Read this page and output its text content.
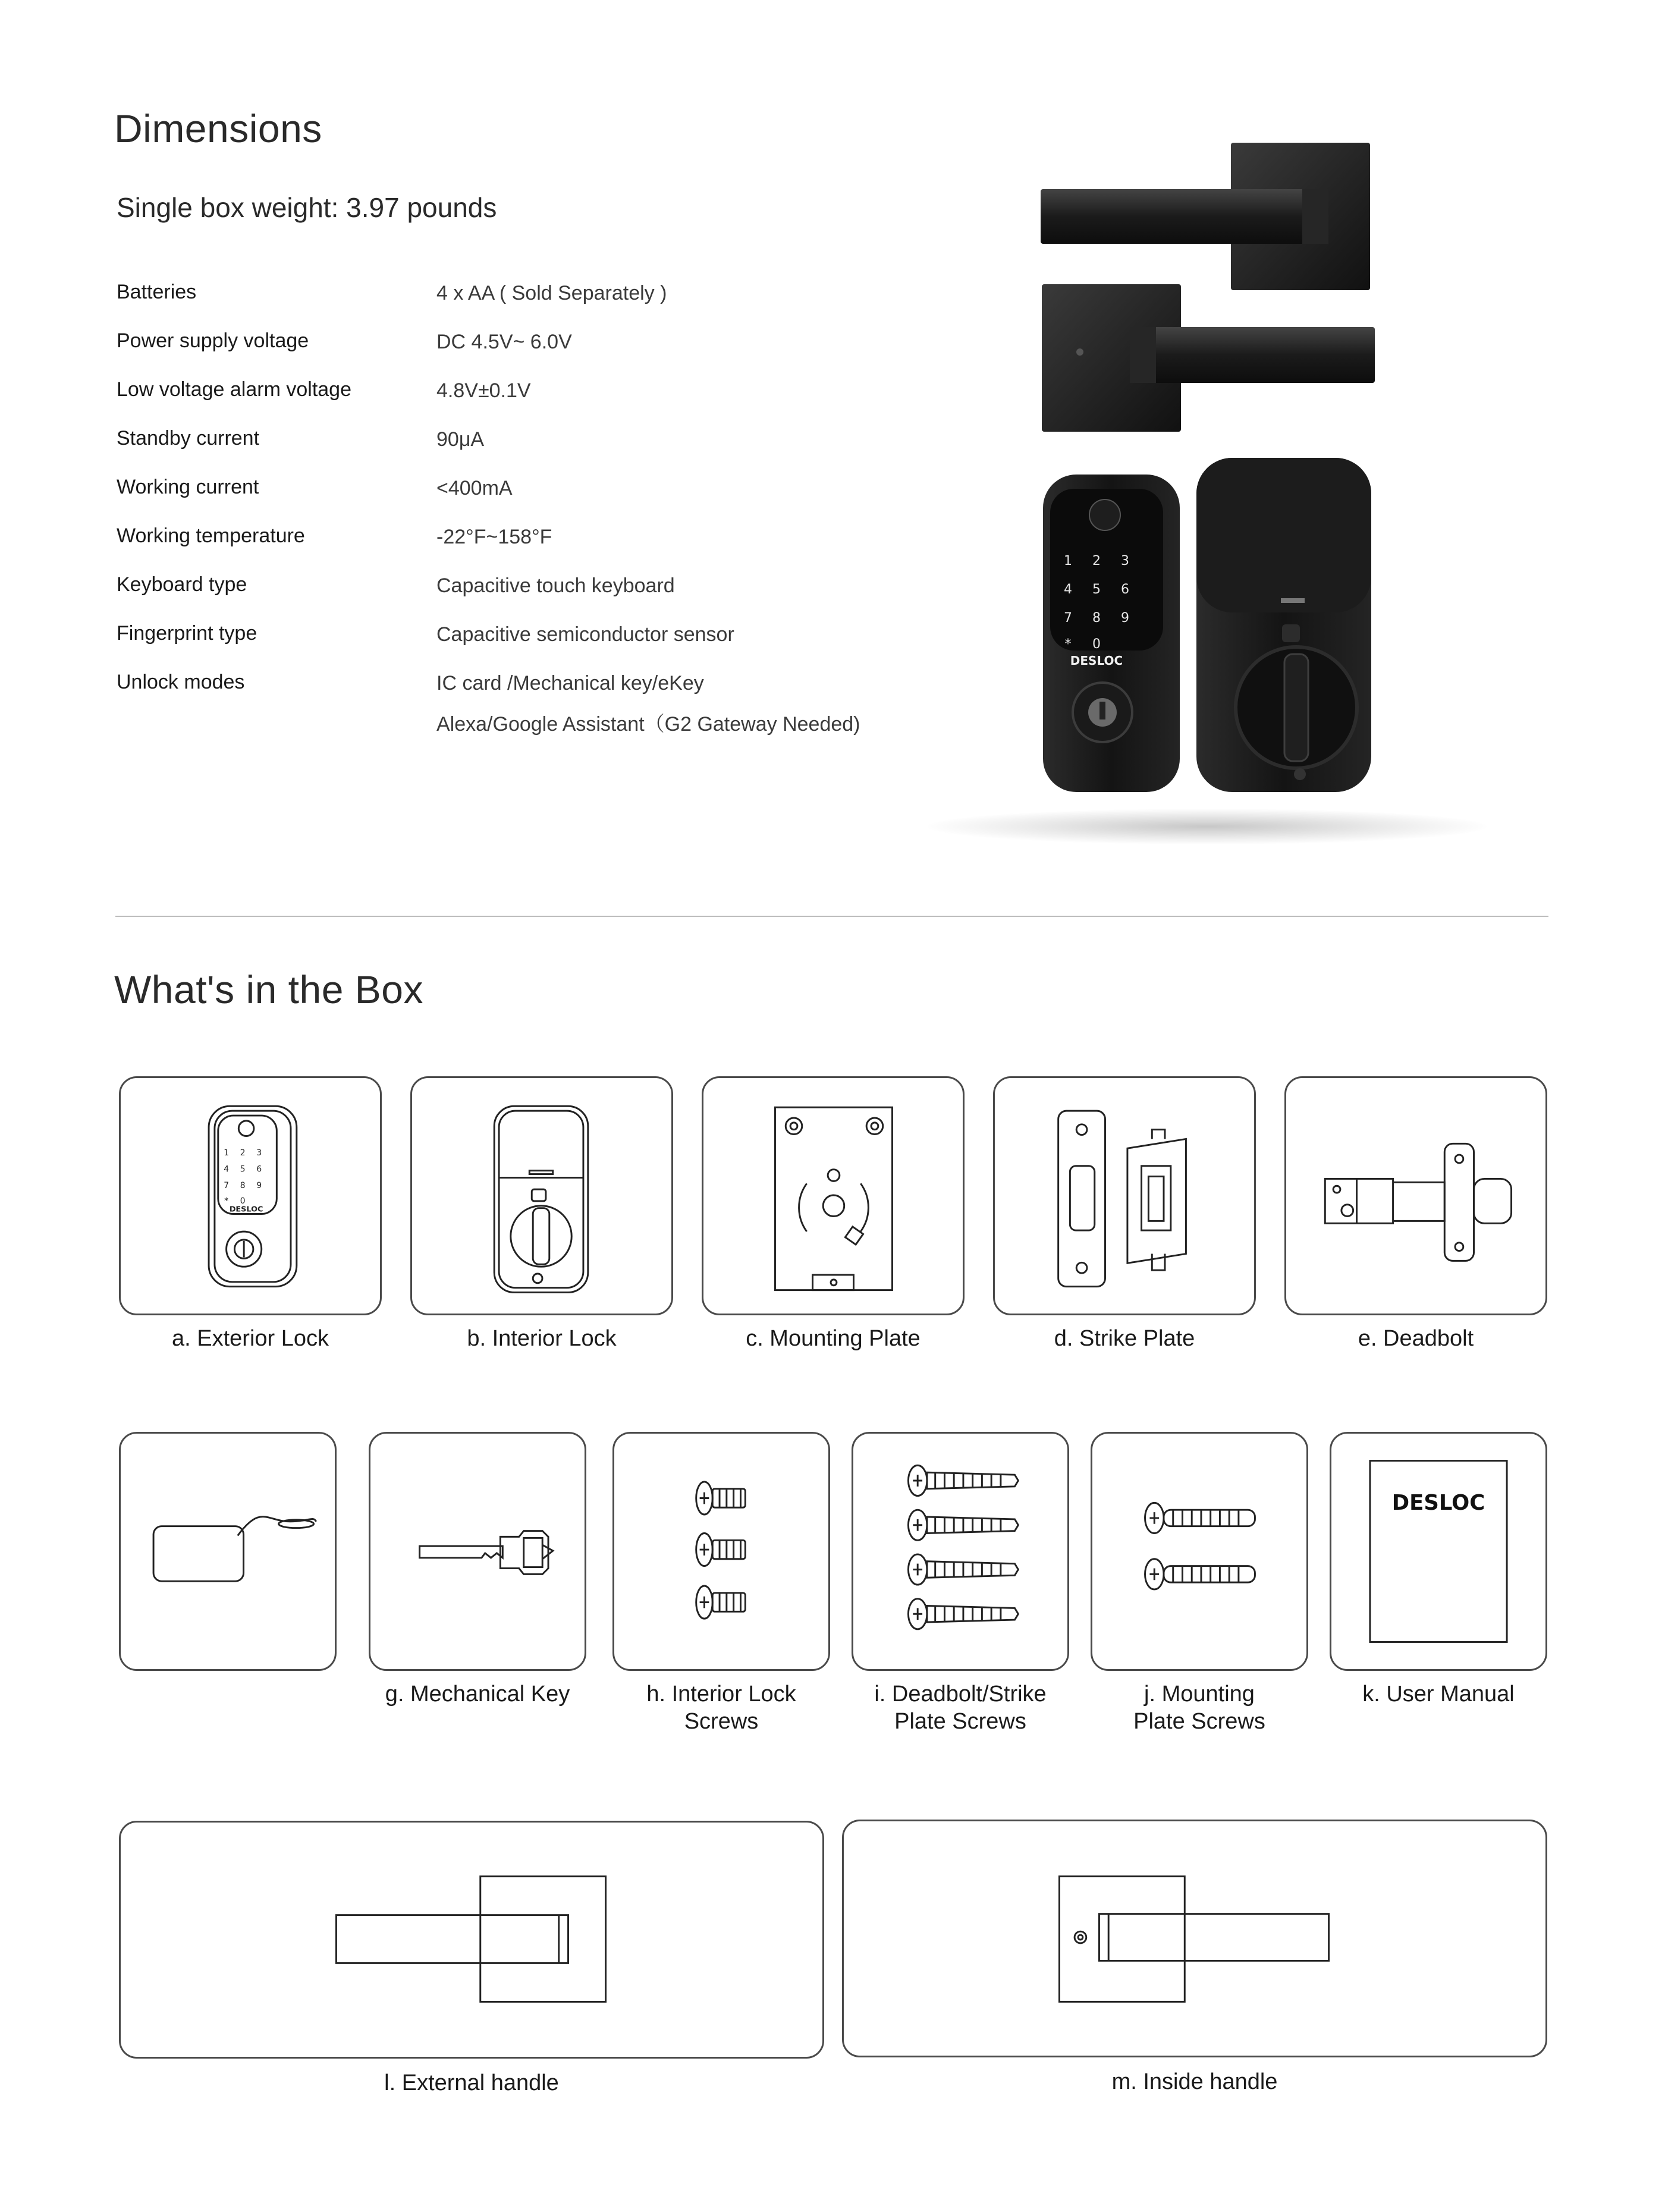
Dimensions
Single box weight: 3.97 pounds
Batteries	4 x AA ( Sold Separately )
Power supply voltage	DC 4.5V~ 6.0V
Low voltage alarm voltage	4.8V±0.1V
Standby current	90μA
Working current	<400mA
Working temperature	-22°F~158°F
Keyboard type	Capacitive touch keyboard
Fingerprint type	Capacitive semiconductor sensor
Unlock modes	IC card /Mechanical key/eKey
Alexa/Google Assistant（G2 Gateway Needed)
1 2 3
4 5 6
7 8 9
* 0
DESLOC
What's in the Box
1 2 3
4 5 6
7 8 9
* 0
DESLOC
a. Exterior Lock	b. Interior Lock	c. Mounting Plate	d. Strike Plate	e. Deadbolt
g. Mechanical Key	h. Interior Lock
Screws
i. Deadbolt/Strike
Plate Screws
j. Mounting
Plate Screws
DESLOC
k. User Manual
l. External handle	m. Inside handle
